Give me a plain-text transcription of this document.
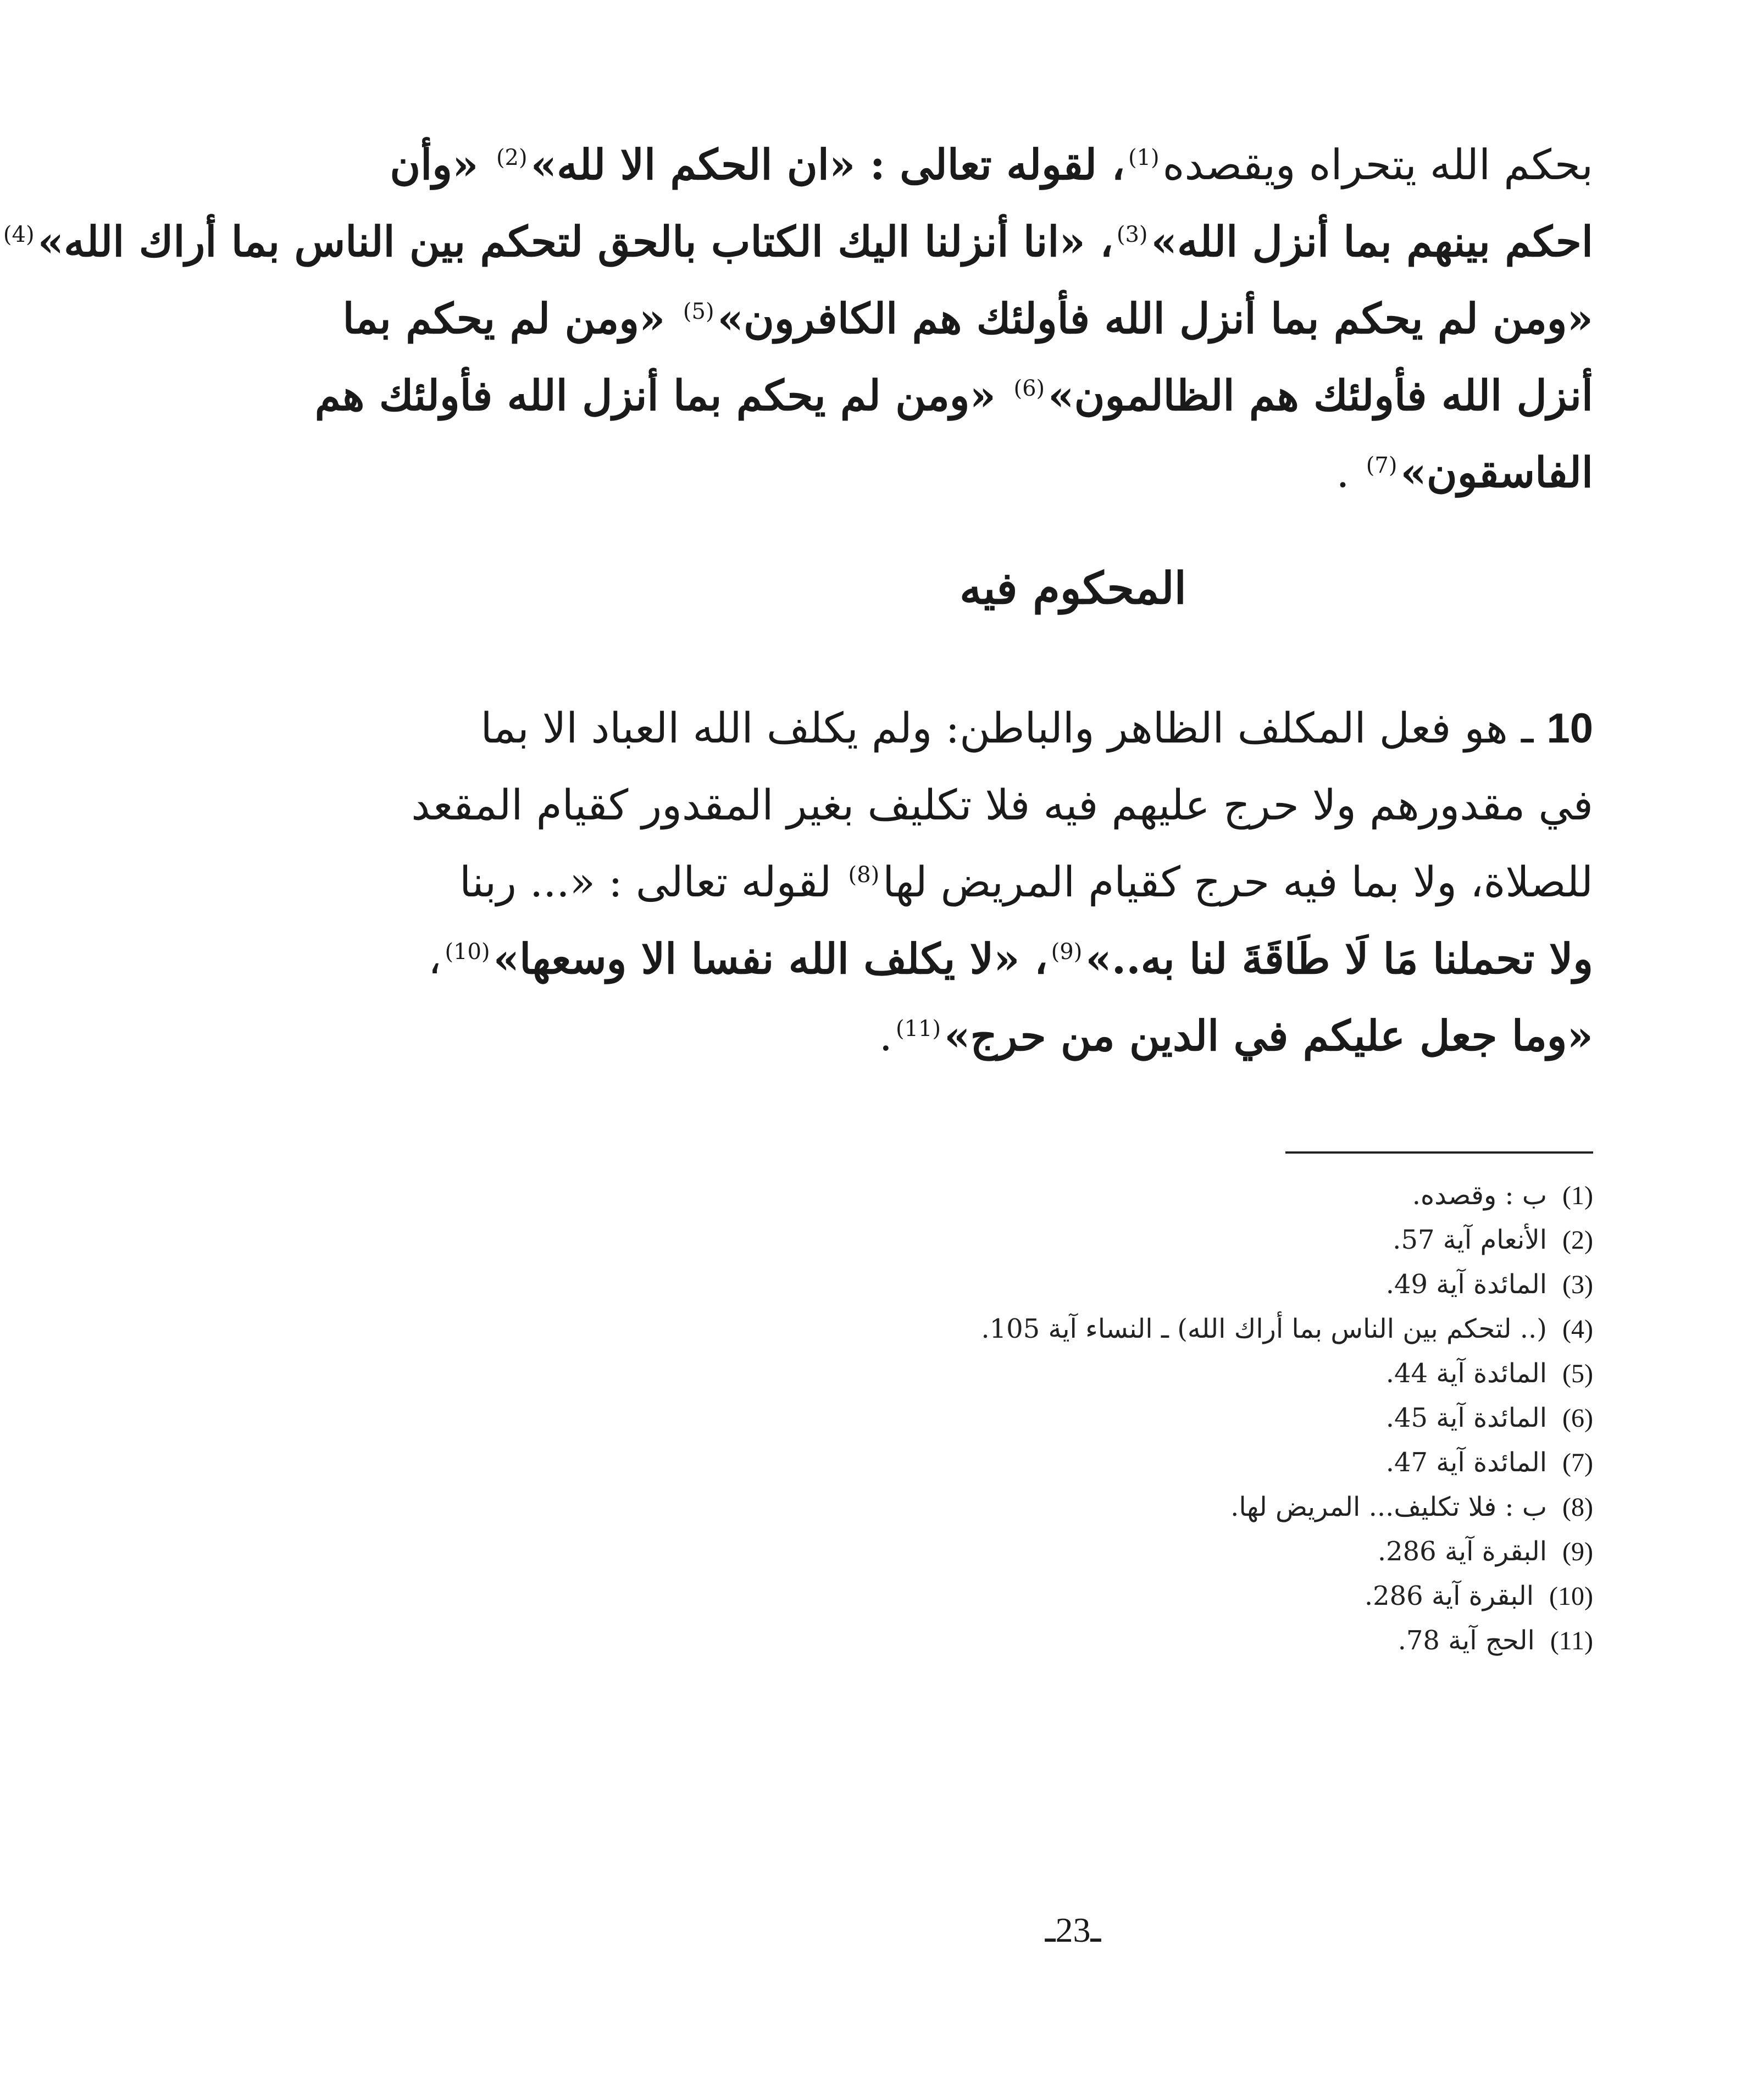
بحكم الله يتحراه ويقصده$^{(1)}$، لقوله تعالى : «ان الحكم الا لله»$^{(2)}$ «وأن
احكم بينهم بما أنزل الله»$^{(3)}$، «انا أنزلنا اليك الكتاب بالحق لتحكم بين الناس بما أراك الله»$^{(4)}$
«ومن لم يحكم بما أنزل الله فأولئك هم الكافرون»$^{(5)}$ «ومن لم يحكم بما
أنزل الله فأولئك هم الظالمون»$^{(6)}$ «ومن لم يحكم بما أنزل الله فأولئك هم
الفاسقون»$^{(7)}$ .
المحكوم فيه
10 ـ هو فعل المكلف الظاهر والباطن: ولم يكلف الله العباد الا بما
في مقدورهم ولا حرج عليهم فيه فلا تكليف بغير المقدور كقيام المقعد
للصلاة، ولا بما فيه حرج كقيام المريض لها$^{(8)}$ لقوله تعالى : «... ربنا
ولا تحملنا مَا لَا طَاقَةَ لنا به..»$^{(9)}$، «لا يكلف الله نفسا الا وسعها»$^{(10)}$،
«وما جعل عليكم في الدين من حرج»$^{(11)}$.
(1)ب : وقصده.
(2)الأنعام آية 57.
(3)المائدة آية 49.
(4)(.. لتحكم بين الناس بما أراك الله) ـ النساء آية 105.
(5)المائدة آية 44.
(6)المائدة آية 45.
(7)المائدة آية 47.
(8)ب : فلا تكليف... المريض لها.
(9)البقرة آية 286.
(10)البقرة آية 286.
(11)الحج آية 78.
ـ23ـ
